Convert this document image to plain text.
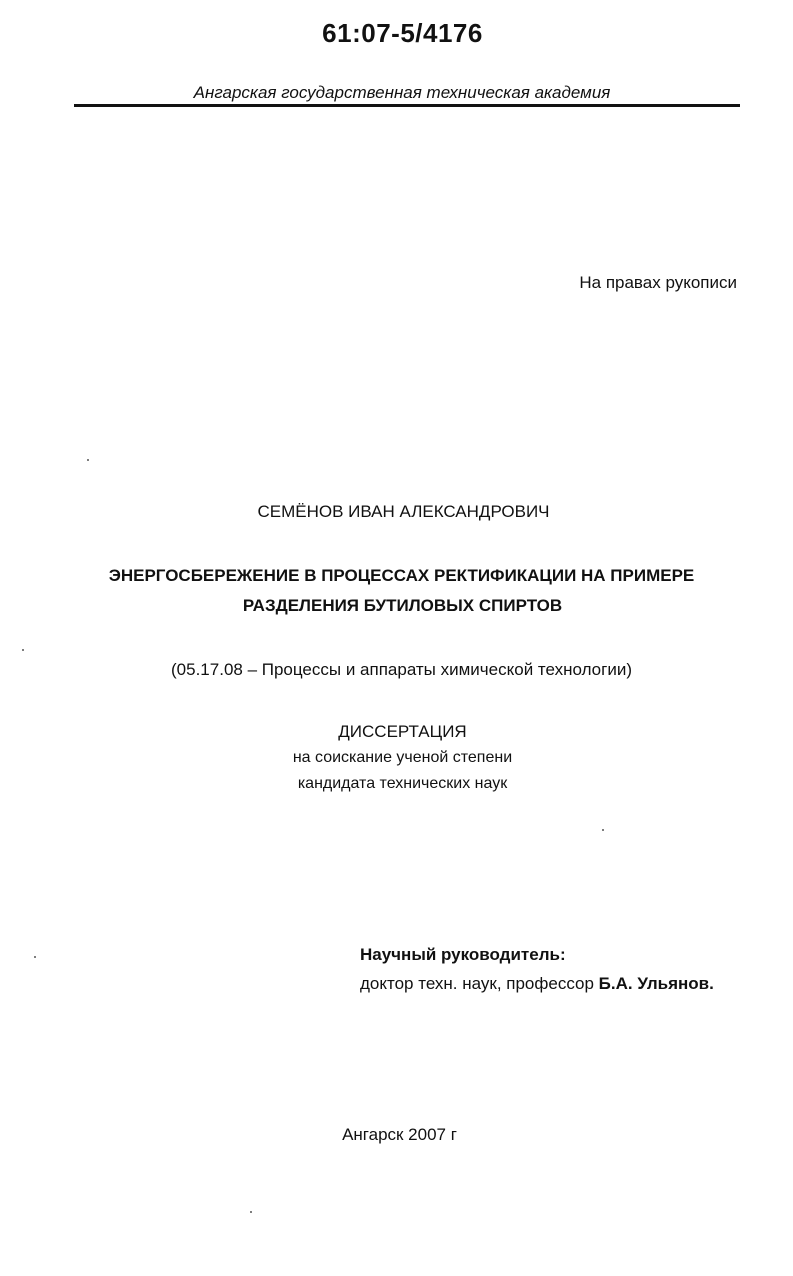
61:07-5/4176
Ангарская государственная техническая академия
На правах рукописи
СЕМЁНОВ ИВАН АЛЕКСАНДРОВИЧ
ЭНЕРГОСБЕРЕЖЕНИЕ В ПРОЦЕССАХ РЕКТИФИКАЦИИ НА ПРИМЕРЕ
РАЗДЕЛЕНИЯ БУТИЛОВЫХ СПИРТОВ
(05.17.08 – Процессы и аппараты химической технологии)
ДИССЕРТАЦИЯ
на соискание ученой степени
кандидата технических наук
Научный руководитель:
доктор техн. наук, профессор Б.А. Ульянов.
Ангарск 2007 г
